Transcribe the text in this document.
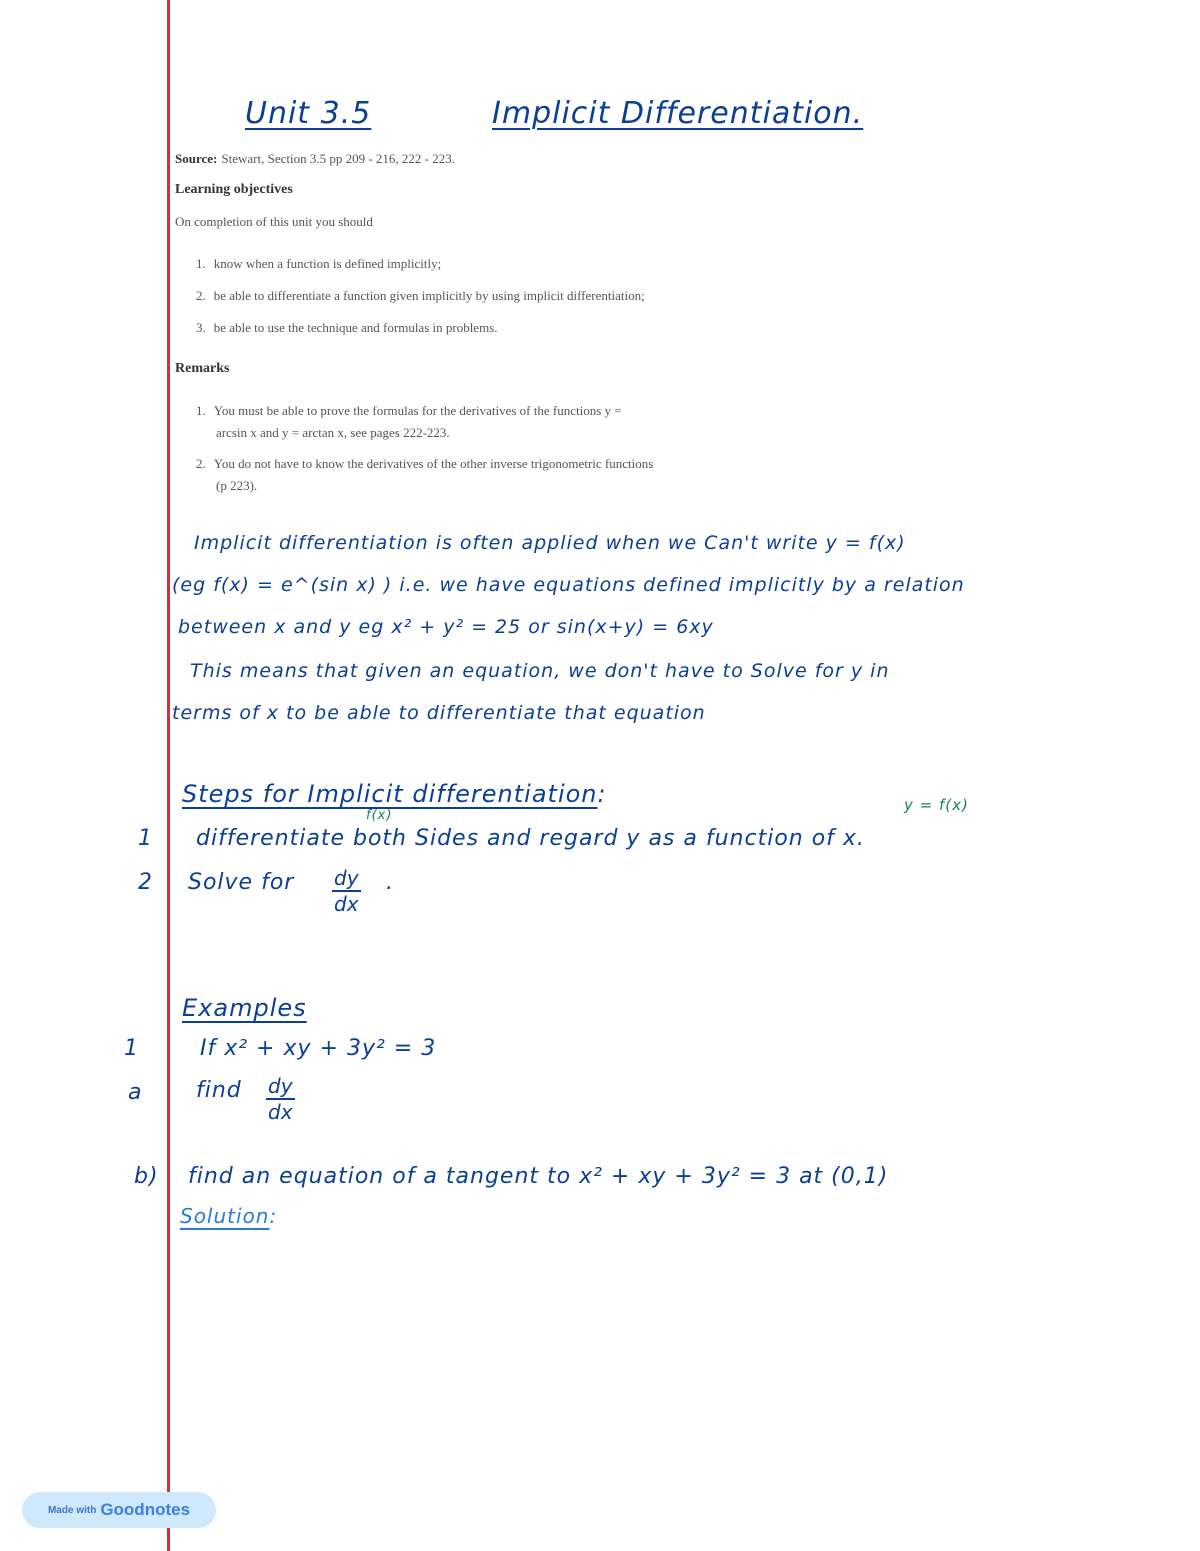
Unit 3.5	Implicit Differentiation.
Source: Stewart, Section 3.5 pp 209 - 216, 222 - 223.
Learning objectives
On completion of this unit you should
1. know when a function is defined implicitly;
2. be able to differentiate a function given implicitly by using implicit differentiation;
3. be able to use the technique and formulas in problems.
Remarks
1. You must be able to prove the formulas for the derivatives of the functions y =
arcsin x and y = arctan x, see pages 222-223.
2. You do not have to know the derivatives of the other inverse trigonometric functions
(p 223).
Implicit differentiation is often applied when we Can't write y = f(x)
(eg f(x) = e^(sin x) ) i.e. we have equations defined implicitly by a relation
between x and y eg x² + y² = 25 or sin(x+y) = 6xy
This means that given an equation, we don't have to Solve for y in
terms of x to be able to differentiate that equation
Steps for Implicit differentiation:
f(x)
y = f(x)
1 differentiate both Sides and regard y as a function of x.
2 Solve for $\frac{dy}{dx}$ .
Examples
1	If x² + xy + 3y² = 3
a find $\frac{dy}{dx}$
b) find an equation of a tangent to x² + xy + 3y² = 3 at (0,1)
Solution:
Made with Goodnotes
